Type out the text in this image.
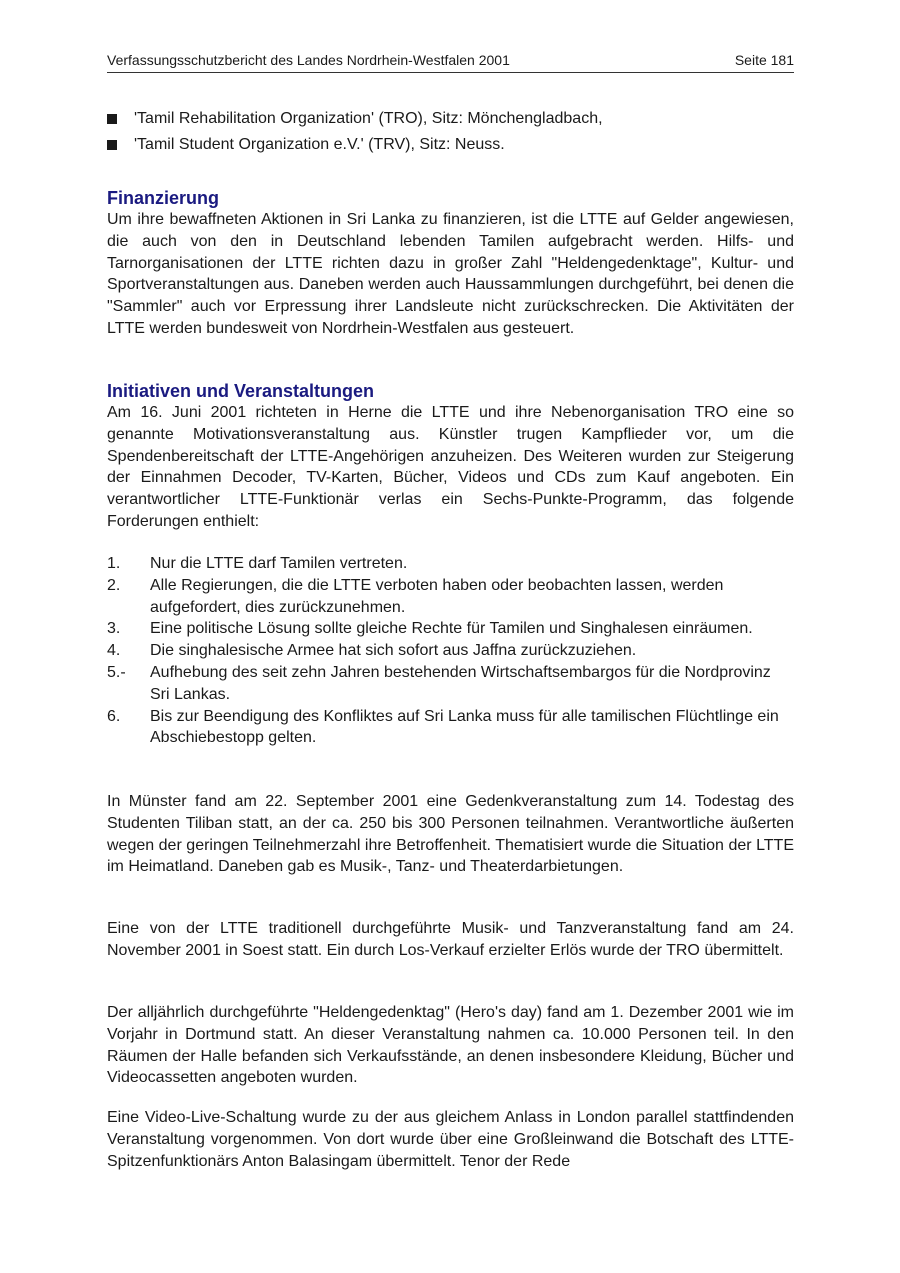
Verfassungsschutzbericht des Landes Nordrhein-Westfalen 2001	Seite 181
'Tamil Rehabilitation Organization' (TRO), Sitz: Mönchengladbach,
'Tamil Student Organization e.V.' (TRV), Sitz: Neuss.
Finanzierung

Um ihre bewaffneten Aktionen in Sri Lanka zu finanzieren, ist die LTTE auf Gelder angewiesen, die auch von den in Deutschland lebenden Tamilen aufgebracht werden. Hilfs- und Tarnorganisationen der LTTE richten dazu in großer Zahl "Heldengedenktage", Kultur- und Sportveranstaltungen aus. Daneben werden auch Haussammlungen durchgeführt, bei denen die "Sammler" auch vor Erpressung ihrer Landsleute nicht zurückschrecken. Die Aktivitäten der LTTE werden bundesweit von Nordrhein-Westfalen aus gesteuert.

Initiativen und Veranstaltungen

Am 16. Juni 2001 richteten in Herne die LTTE und ihre Nebenorganisation TRO eine so genannte Motivationsveranstaltung aus. Künstler trugen Kampflieder vor, um die Spendenbereitschaft der LTTE-Angehörigen anzuheizen. Des Weiteren wurden zur Steigerung der Einnahmen Decoder, TV-Karten, Bücher, Videos und CDs zum Kauf angeboten. Ein verantwortlicher LTTE-Funktionär verlas ein Sechs-Punkte-Programm, das folgende Forderungen enthielt:

1. Nur die LTTE darf Tamilen vertreten.
2. Alle Regierungen, die die LTTE verboten haben oder beobachten lassen, werden aufgefordert, dies zurückzunehmen.
3. Eine politische Lösung sollte gleiche Rechte für Tamilen und Singhalesen einräumen.
4. Die singhalesische Armee hat sich sofort aus Jaffna zurückzuziehen.
5.- Aufhebung des seit zehn Jahren bestehenden Wirtschaftsembargos für die Nordprovinz Sri Lankas.
6. Bis zur Beendigung des Konfliktes auf Sri Lanka muss für alle tamilischen Flüchtlinge ein Abschiebestopp gelten.

In Münster fand am 22. September 2001 eine Gedenkveranstaltung zum 14. Todestag des Studenten Tiliban statt, an der ca. 250 bis 300 Personen teilnahmen. Verantwortliche äußerten wegen der geringen Teilnehmerzahl ihre Betroffenheit. Thematisiert wurde die Situation der LTTE im Heimatland. Daneben gab es Musik-, Tanz- und Theaterdarbietungen.

Eine von der LTTE traditionell durchgeführte Musik- und Tanzveranstaltung fand am 24. November 2001 in Soest statt. Ein durch Los-Verkauf erzielter Erlös wurde der TRO übermittelt.

Der alljährlich durchgeführte "Heldengedenktag" (Hero's day) fand am 1. Dezember 2001 wie im Vorjahr in Dortmund statt. An dieser Veranstaltung nahmen ca. 10.000 Personen teil. In den Räumen der Halle befanden sich Verkaufsstände, an denen insbesondere Kleidung, Bücher und Videocassetten angeboten wurden.

Eine Video-Live-Schaltung wurde zu der aus gleichem Anlass in London parallel stattfindenden Veranstaltung vorgenommen. Von dort wurde über eine Großleinwand die Botschaft des LTTE-Spitzenfunktionärs Anton Balasingam übermittelt. Tenor der Rede
